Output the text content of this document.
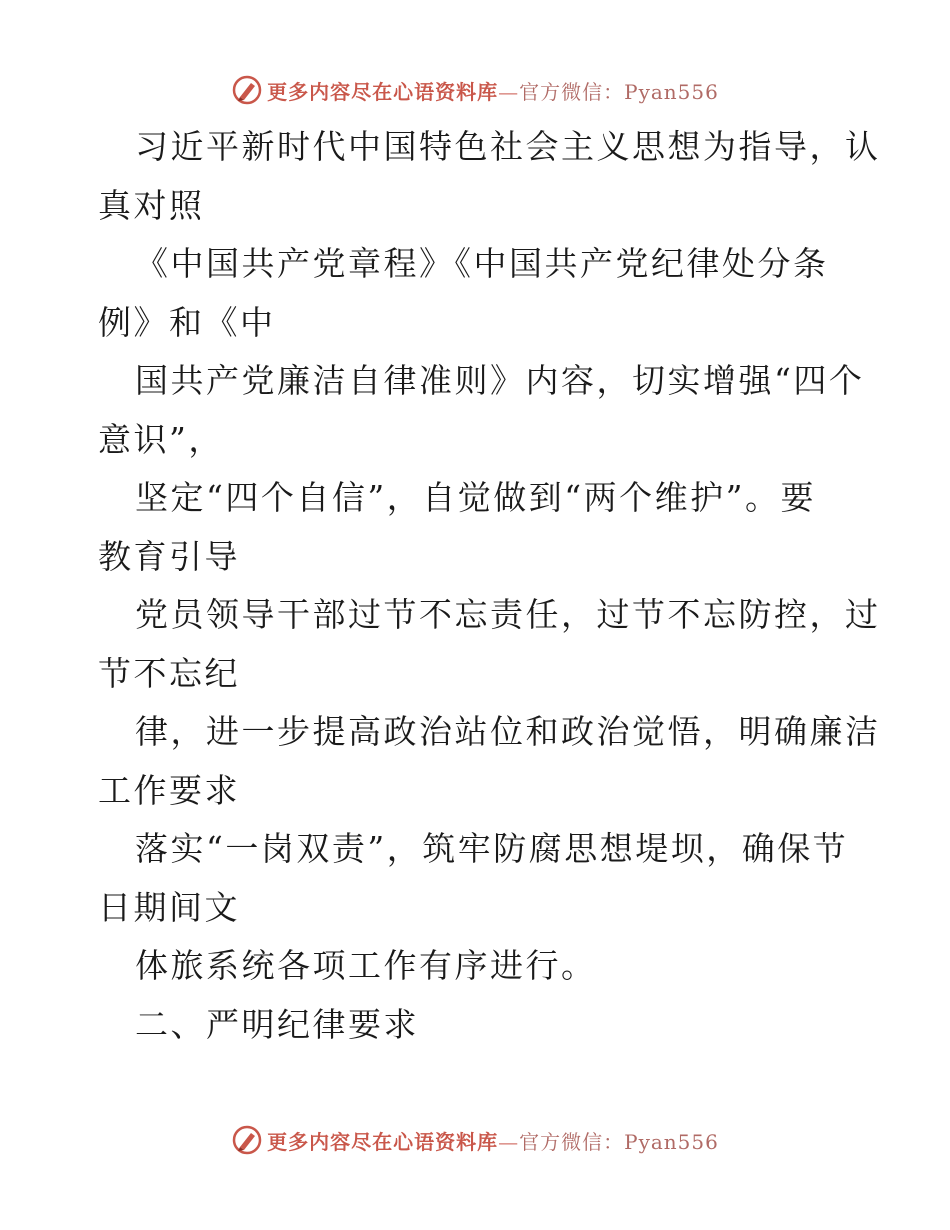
更多内容尽在心语资料库—官方微信：Pyan556

习近平新时代中国特色社会主义思想为指导，认
真对照

《中国共产党章程》《中国共产党纪律处分条
例》和《中

国共产党廉洁自律准则》内容，切实增强“四个
意识”，

坚定“四个自信”，自觉做到“两个维护”。要
教育引导

党员领导干部过节不忘责任，过节不忘防控，过
节不忘纪

律，进一步提高政治站位和政治觉悟，明确廉洁
工作要求

落实“一岗双责”，筑牢防腐思想堤坝，确保节
日期间文

体旅系统各项工作有序进行。

二、严明纪律要求

更多内容尽在心语资料库—官方微信：Pyan556
